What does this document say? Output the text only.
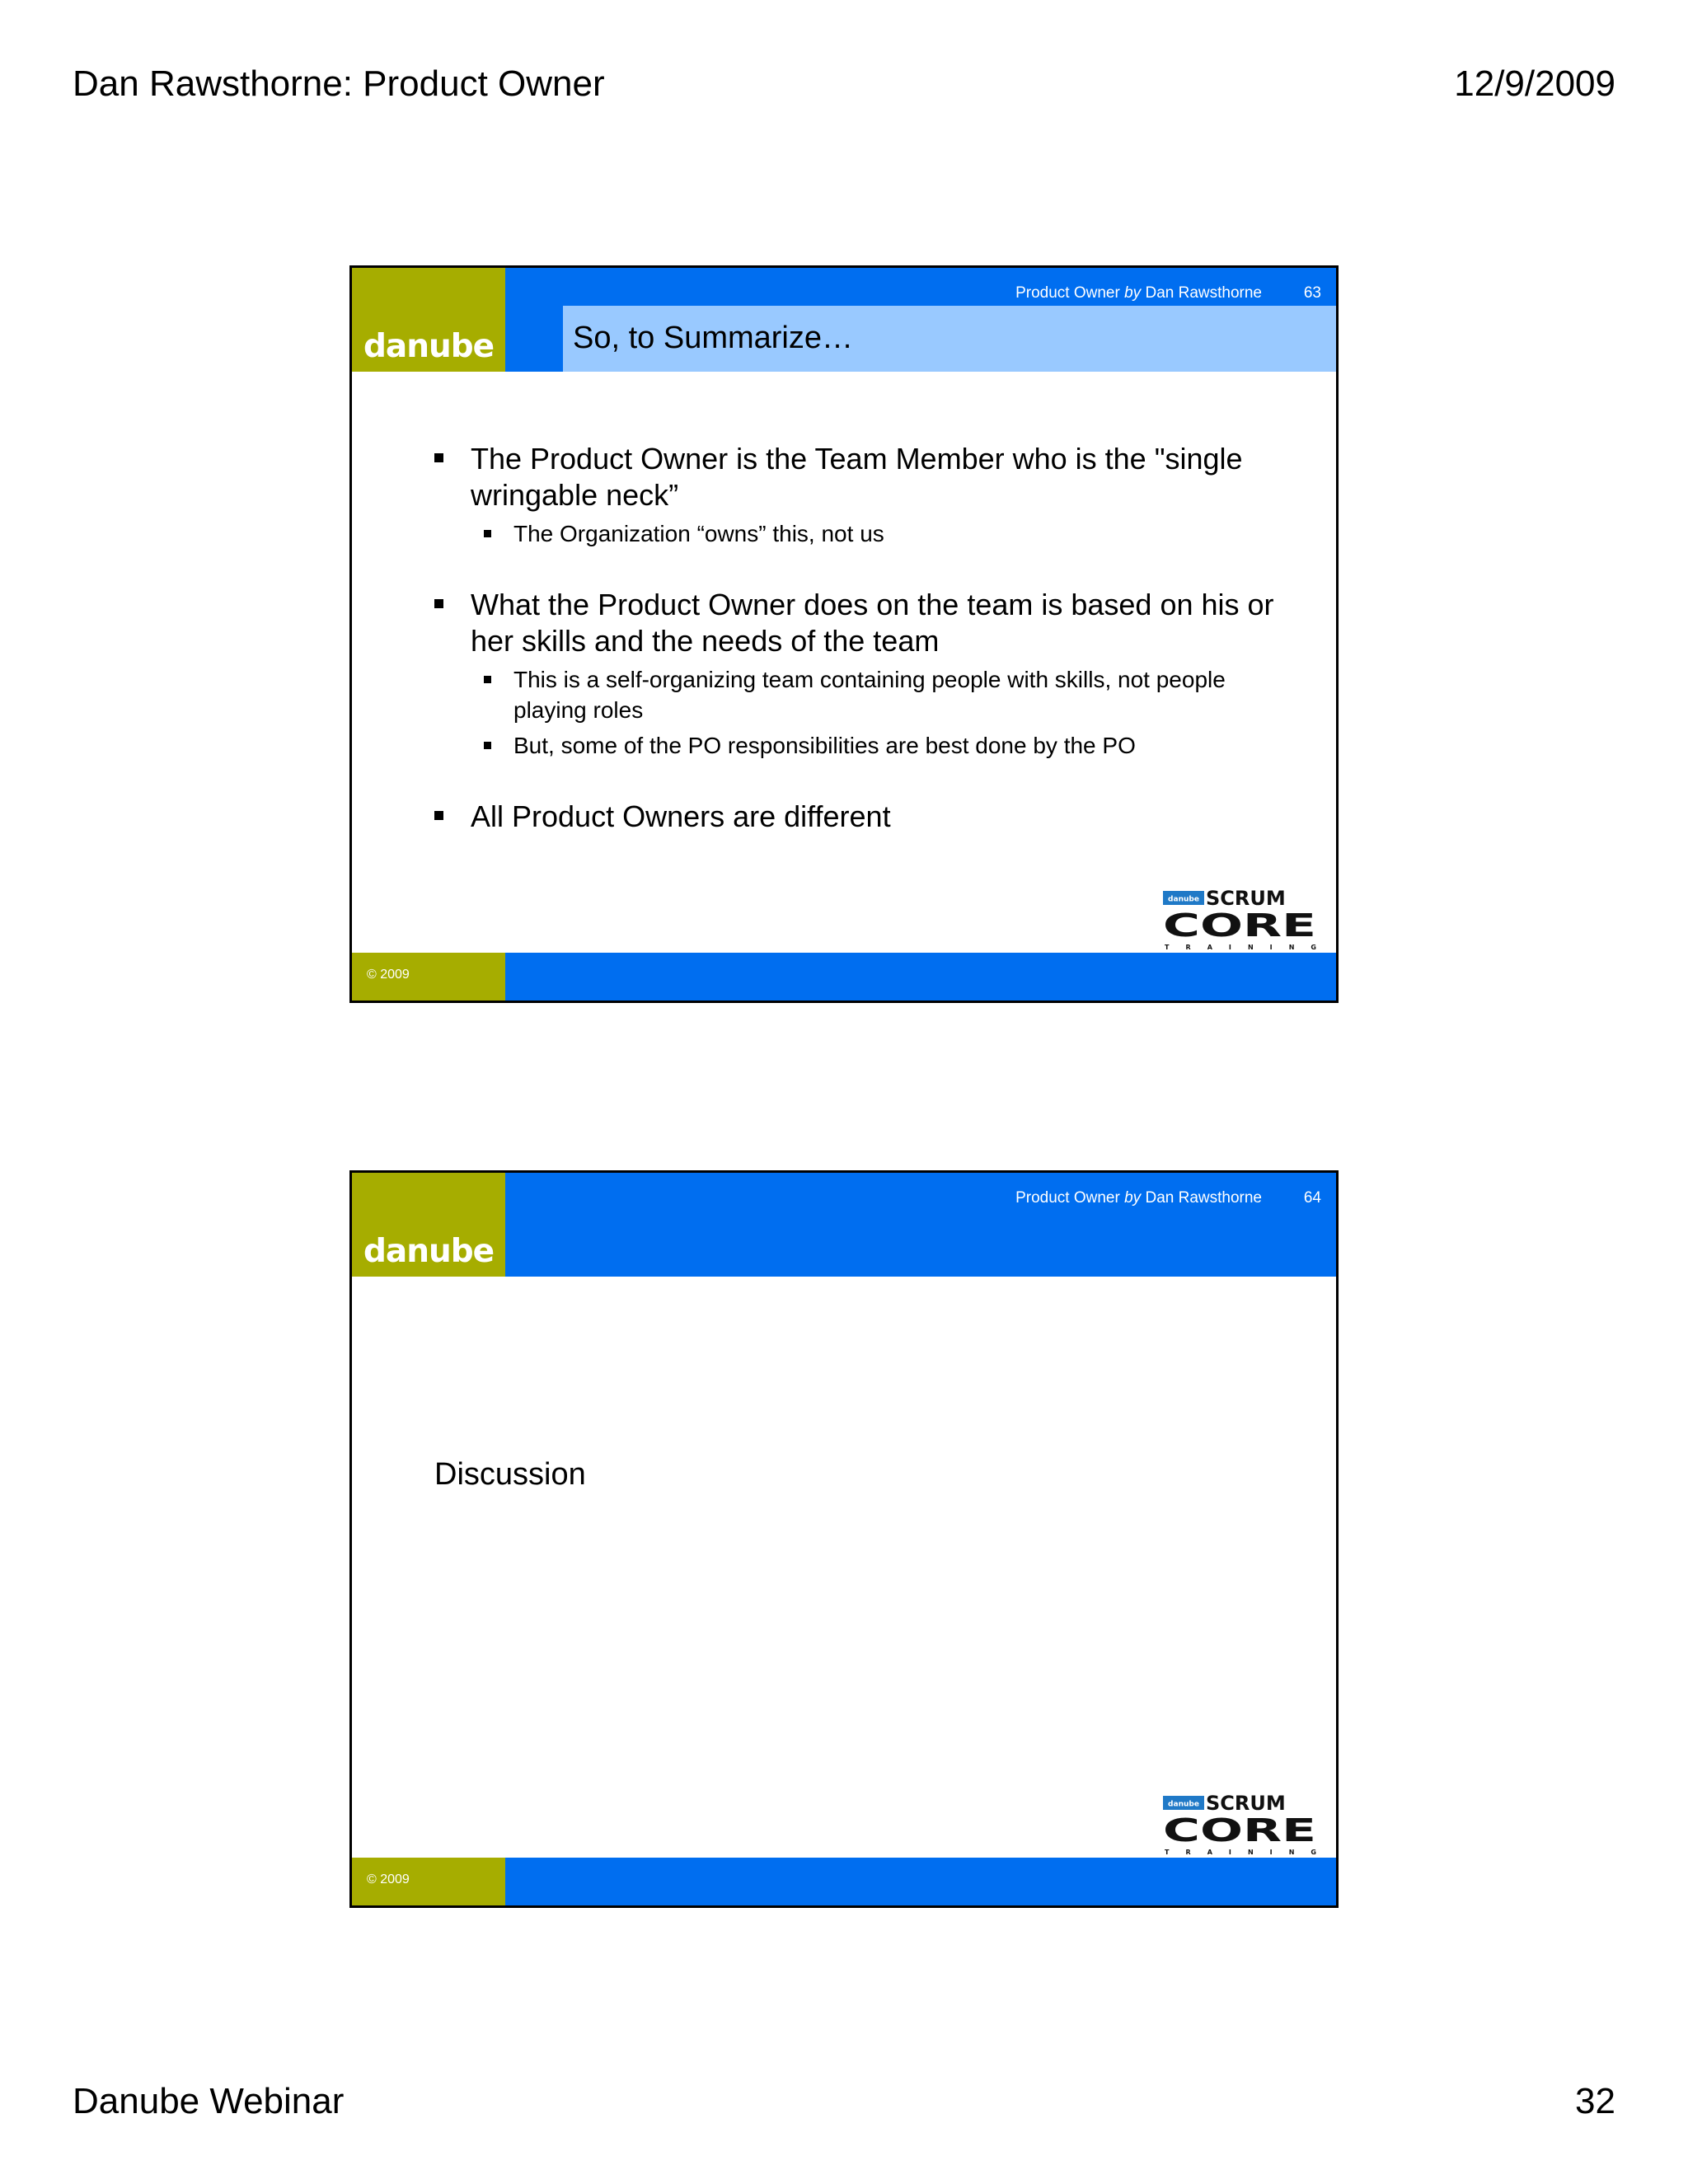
Dan Rawsthorne: Product Owner	12/9/2009
danube	So, to Summarize…
The Product Owner is the Team Member who is the "single wringable neck”
The Organization “owns” this, not us
What the Product Owner does on the team is based on his or her skills and the needs of the team
This is a self-organizing team containing people with skills, not people playing roles
But, some of the PO responsibilities are best done by the PO
All Product Owners are different
danube SCRUM
CORE
TRAINING
© 2009
Product Owner by Dan Rawsthorne	63
danube
Discussion
danube SCRUM
CORE
TRAINING
© 2009
Product Owner by Dan Rawsthorne	64
Danube Webinar	32
